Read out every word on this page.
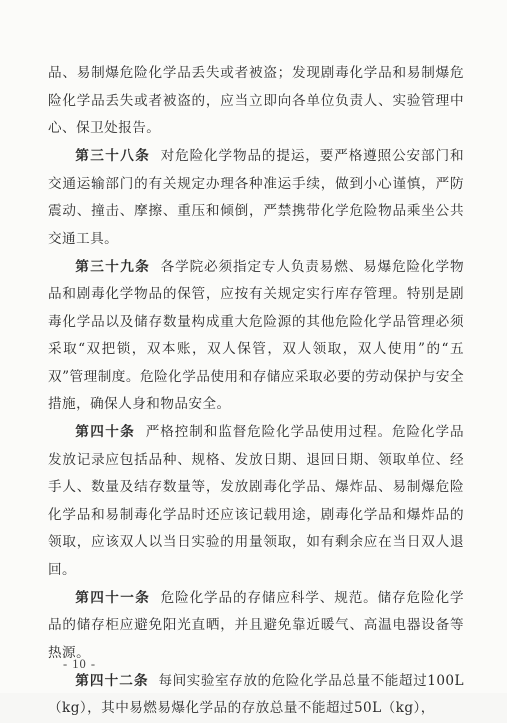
品、易制爆危险化学品丢失或者被盗；发现剧毒化学品和易制爆危险化学品丢失或者被盗的，应当立即向各单位负责人、实验管理中心、保卫处报告。

第三十八条 对危险化学物品的提运，要严格遵照公安部门和交通运输部门的有关规定办理各种准运手续，做到小心谨慎，严防震动、撞击、摩擦、重压和倾倒，严禁携带化学危险物品乘坐公共交通工具。

第三十九条 各学院必须指定专人负责易燃、易爆危险化学物品和剧毒化学物品的保管，应按有关规定实行库存管理。特别是剧毒化学品以及储存数量构成重大危险源的其他危险化学品管理必须采取“双把锁，双本账，双人保管，双人领取，双人使用”的“五双”管理制度。危险化学品使用和存储应采取必要的劳动保护与安全措施，确保人身和物品安全。

第四十条 严格控制和监督危险化学品使用过程。危险化学品发放记录应包括品种、规格、发放日期、退回日期、领取单位、经手人、数量及结存数量等，发放剧毒化学品、爆炸品、易制爆危险化学品和易制毒化学品时还应该记载用途，剧毒化学品和爆炸品的领取，应该双人以当日实验的用量领取，如有剩余应在当日双人退回。

第四十一条 危险化学品的存储应科学、规范。储存危险化学品的储存柜应避免阳光直晒，并且避免靠近暖气、高温电器设备等热源。

第四十二条 每间实验室存放的危险化学品总量不能超过100L（kg），其中易燃易爆化学品的存放总量不能超过50L（kg），

- 10 -
